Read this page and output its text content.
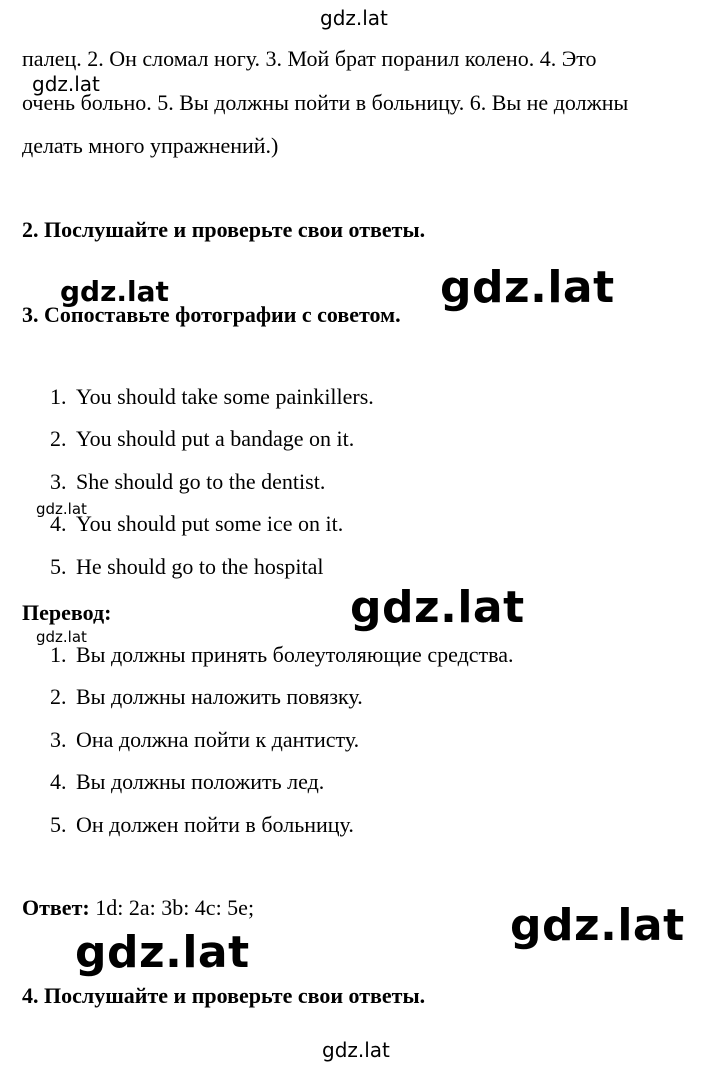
gdz.lat
gdz.lat
палец. 2. Он сломал ногу. 3. Мой брат поранил колено. 4. Это
очень больно. 5. Вы должны пойти в больницу. 6. Вы не должны
делать много упражнений.)
2. Послушайте и проверьте свои ответы.
3. Сопоставьте фотографии с советом.
gdz.lat	gdz.lat
1. You should take some painkillers.
2. You should put a bandage on it.
3. She should go to the dentist.
gdz.lat
4. You should put some ice on it.
5. He should go to the hospital
Перевод:	gdz.lat
gdz.lat
1. Вы должны принять болеутоляющие средства.
2. Вы должны наложить повязку.
3. Она должна пойти к дантисту.
4. Вы должны положить лед.
5. Он должен пойти в больницу.
Ответ: 1d: 2a: 3b: 4c: 5e;	gdz.lat
gdz.lat
4. Послушайте и проверьте свои ответы.
gdz.lat
